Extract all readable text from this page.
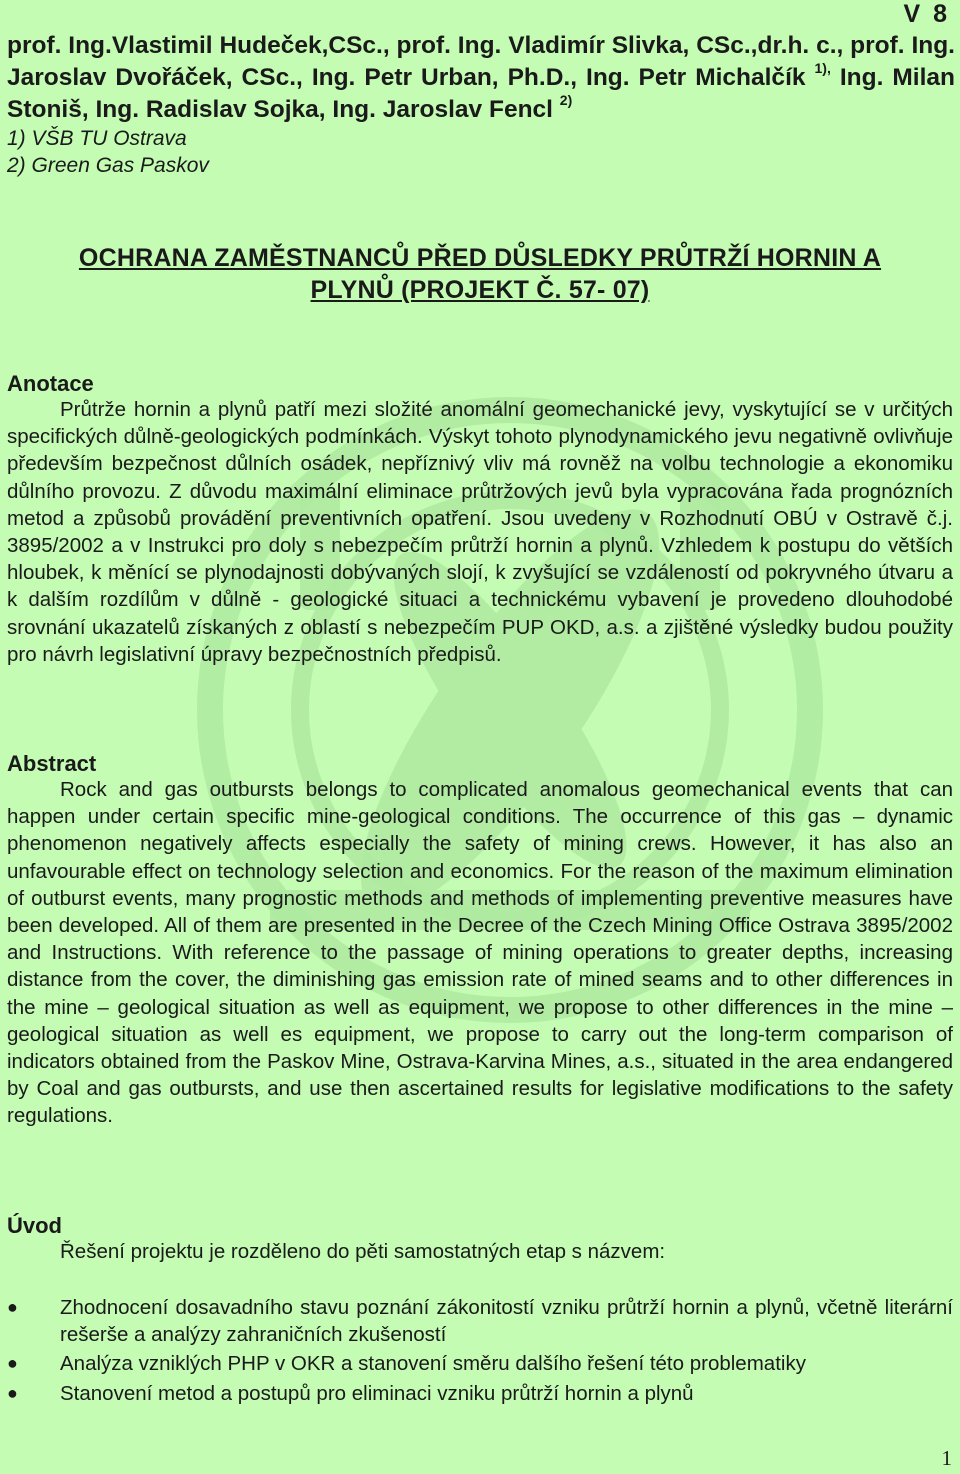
V 8
prof. Ing.Vlastimil Hudeček,CSc., prof. Ing. Vladimír Slivka, CSc.,dr.h. c., prof. Ing. Jaroslav Dvořáček, CSc., Ing. Petr Urban, Ph.D., Ing. Petr Michalčík $^{1),}$ Ing. Milan Stoniš, Ing. Radislav Sojka, Ing. Jaroslav Fencl $^{2)}$
1) VŠB TU Ostrava
2) Green Gas Paskov
OCHRANA ZAMĚSTNANCŮ PŘED DŮSLEDKY PRŮTRŽÍ HORNIN A
PLYNŮ (PROJEKT Č. 57- 07)
Anotace

Průtrže hornin a plynů patří mezi složité anomální geomechanické jevy, vyskytující se v určitých specifických důlně-geologických podmínkách. Výskyt tohoto plynodynamického jevu negativně ovlivňuje především bezpečnost důlních osádek, nepříznivý vliv má rovněž na volbu technologie a ekonomiku důlního provozu. Z důvodu maximální eliminace průtržových jevů byla vypracována řada prognózních metod a způsobů provádění preventivních opatření. Jsou uvedeny v Rozhodnutí OBÚ v Ostravě č.j. 3895/2002 a v Instrukci pro doly s nebezpečím průtrží hornin a plynů. Vzhledem k postupu do větších hloubek, k měnící se plynodajnosti dobývaných slojí, k zvyšující se vzdáleností od pokryvného útvaru a k dalším rozdílům v důlně - geologické situaci a technickému vybavení je provedeno dlouhodobé srovnání ukazatelů získaných z oblastí s nebezpečím PUP OKD, a.s. a zjištěné výsledky budou použity pro návrh legislativní úpravy bezpečnostních předpisů.

Abstract

Rock and gas outbursts belongs to complicated anomalous geomechanical events that can happen under certain specific mine-geological conditions. The occurrence of this gas – dynamic phenomenon negatively affects especially the safety of mining crews. However, it has also an unfavourable effect on technology selection and economics. For the reason of the maximum elimination of outburst events, many prognostic methods and methods of implementing preventive measures have been developed. All of them are presented in the Decree of the Czech Mining Office Ostrava 3895/2002 and Instructions. With reference to the passage of mining operations to greater depths, increasing distance from the cover, the diminishing gas emission rate of mined seams and to other differences in the mine – geological situation as well as equipment, we propose to other differences in the mine – geological situation as well es equipment, we propose to carry out the long-term comparison of indicators obtained from the Paskov Mine, Ostrava-Karvina Mines, a.s., situated in the area endangered by Coal and gas outbursts, and use then ascertained results for legislative modifications to the safety regulations.

Úvod

Řešení projektu je rozděleno do pěti samostatných etap s názvem:

● Zhodnocení dosavadního stavu poznání zákonitostí vzniku průtrží hornin a plynů, včetně literární rešerše a analýzy zahraničních zkušeností
● Analýza vzniklých PHP v OKR a stanovení směru dalšího řešení této problematiky
● Stanovení metod a postupů pro eliminaci vzniku průtrží hornin a plynů
1
